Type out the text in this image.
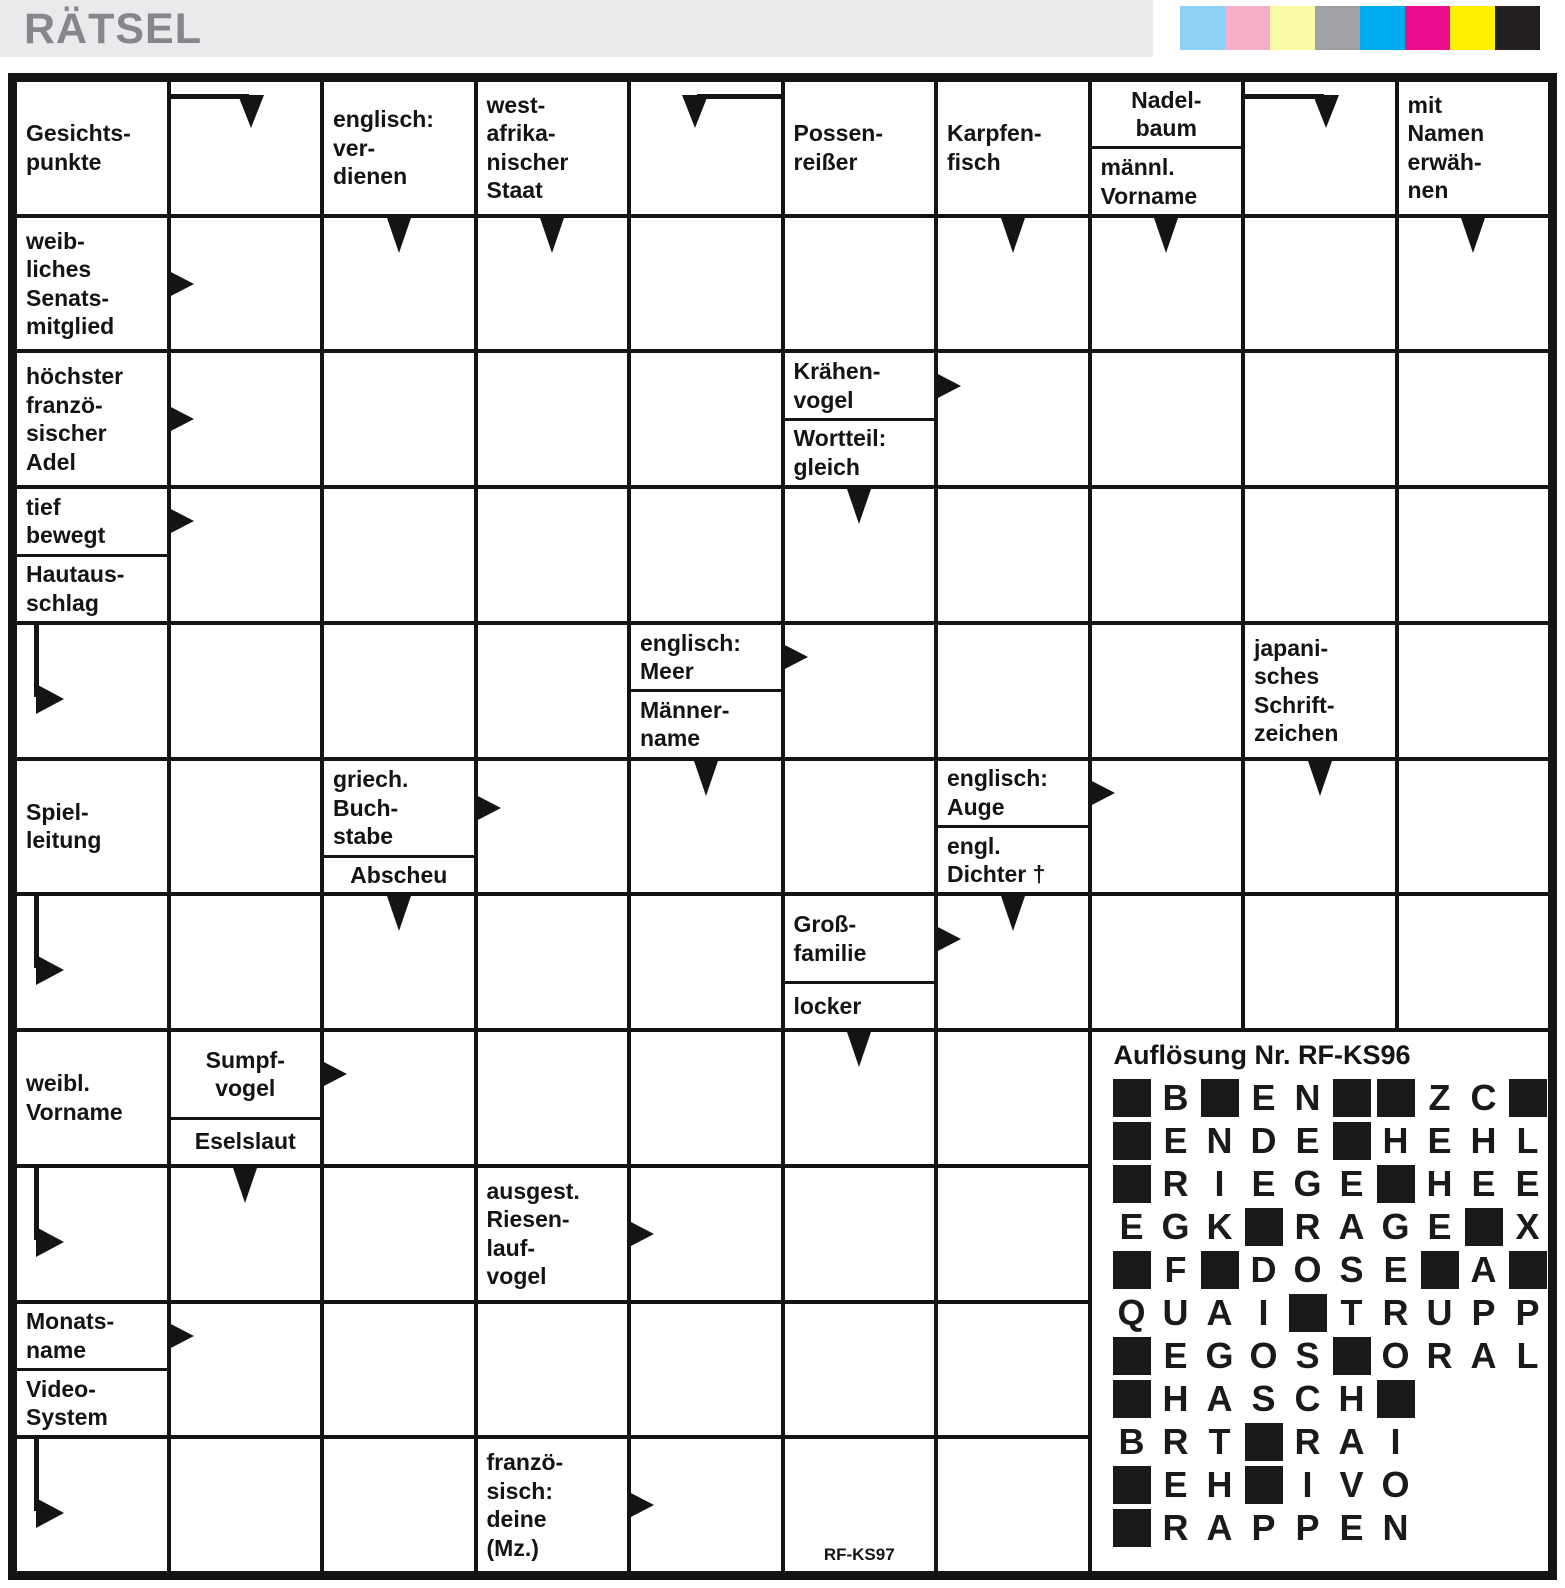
RÄTSEL
Gesichts-
punkte
englisch:
ver-
dienen
west-
afrika-
nischer
Staat
Possen-
reißer
Karpfen-
fisch
Nadel-
baum
männl.
Vorname
mit
Namen
erwäh-
nen
weib-
liches
Senats-
mitglied
höchster
franzö-
sischer
Adel
Krähen-
vogel
Wortteil:
gleich
tief
bewegt
Hautaus-
schlag
englisch:
Meer
Männer-
name
japani-
sches
Schrift-
zeichen
Spiel-
leitung
griech.
Buch-
stabe
Abscheu
englisch:
Auge
engl.
Dichter †
Groß-
familie
locker
weibl.
Vorname
Sumpf-
vogel
Eselslaut
ausgest.
Riesen-
lauf-
vogel
Monats-
name
Video-
System
franzö-
sisch:
deine
(Mz.)	RF-KS97
Auflösung Nr. RF-KS96
B E N	Z C
E N D E H E H L
R I E G E H E E
E G K R A G E X
F D O S E A
Q U A I T R U P P
E G O S O R A L
H A S C H
B R T R A I
E H I V O
R A P P E N
